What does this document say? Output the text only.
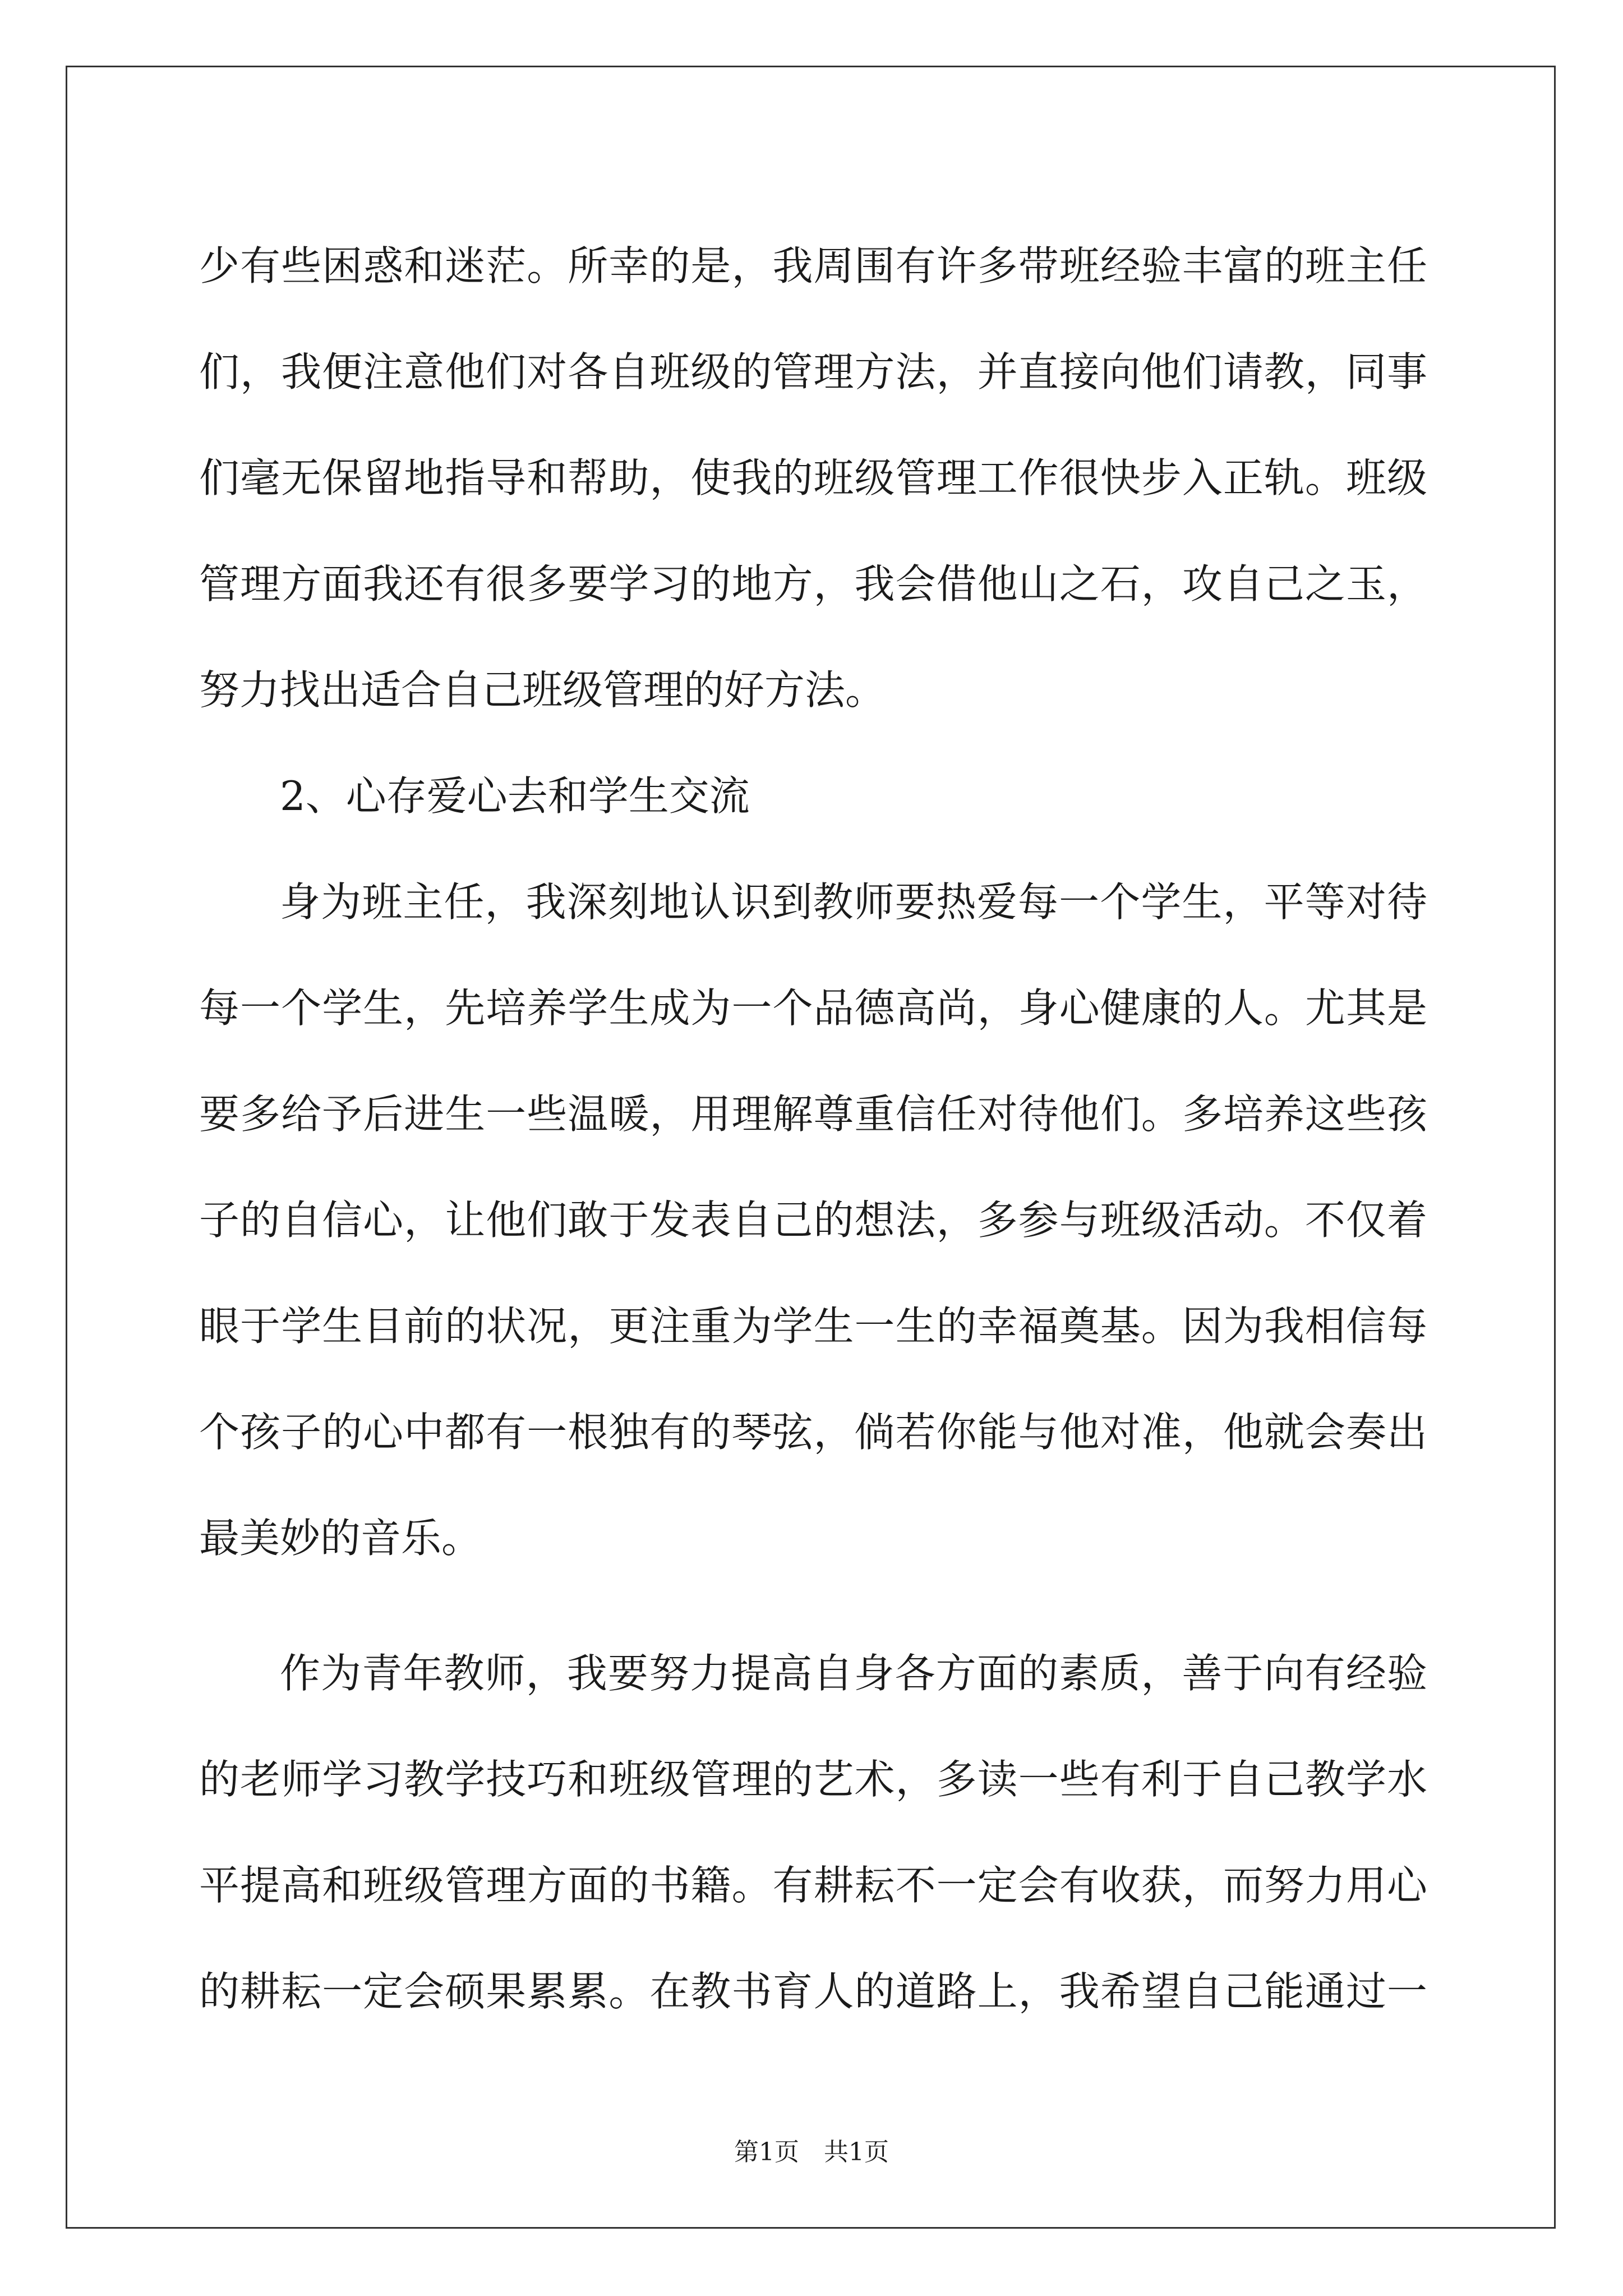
少有些困惑和迷茫。所幸的是，我周围有许多带班经验丰富的班主任
们，我便注意他们对各自班级的管理方法，并直接向他们请教，同事
们毫无保留地指导和帮助，使我的班级管理工作很快步入正轨。班级
管理方面我还有很多要学习的地方，我会借他山之石，攻自己之玉，
努力找出适合自己班级管理的好方法。
2、心存爱心去和学生交流
身为班主任，我深刻地认识到教师要热爱每一个学生，平等对待
每一个学生，先培养学生成为一个品德高尚，身心健康的人。尤其是
要多给予后进生一些温暖，用理解尊重信任对待他们。多培养这些孩
子的自信心，让他们敢于发表自己的想法，多参与班级活动。不仅着
眼于学生目前的状况，更注重为学生一生的幸福奠基。因为我相信每
个孩子的心中都有一根独有的琴弦，倘若你能与他对准，他就会奏出
最美妙的音乐。
作为青年教师，我要努力提高自身各方面的素质，善于向有经验
的老师学习教学技巧和班级管理的艺术，多读一些有利于自己教学水
平提高和班级管理方面的书籍。有耕耘不一定会有收获，而努力用心
的耕耘一定会硕果累累。在教书育人的道路上，我希望自己能通过一
第1页　共1页
